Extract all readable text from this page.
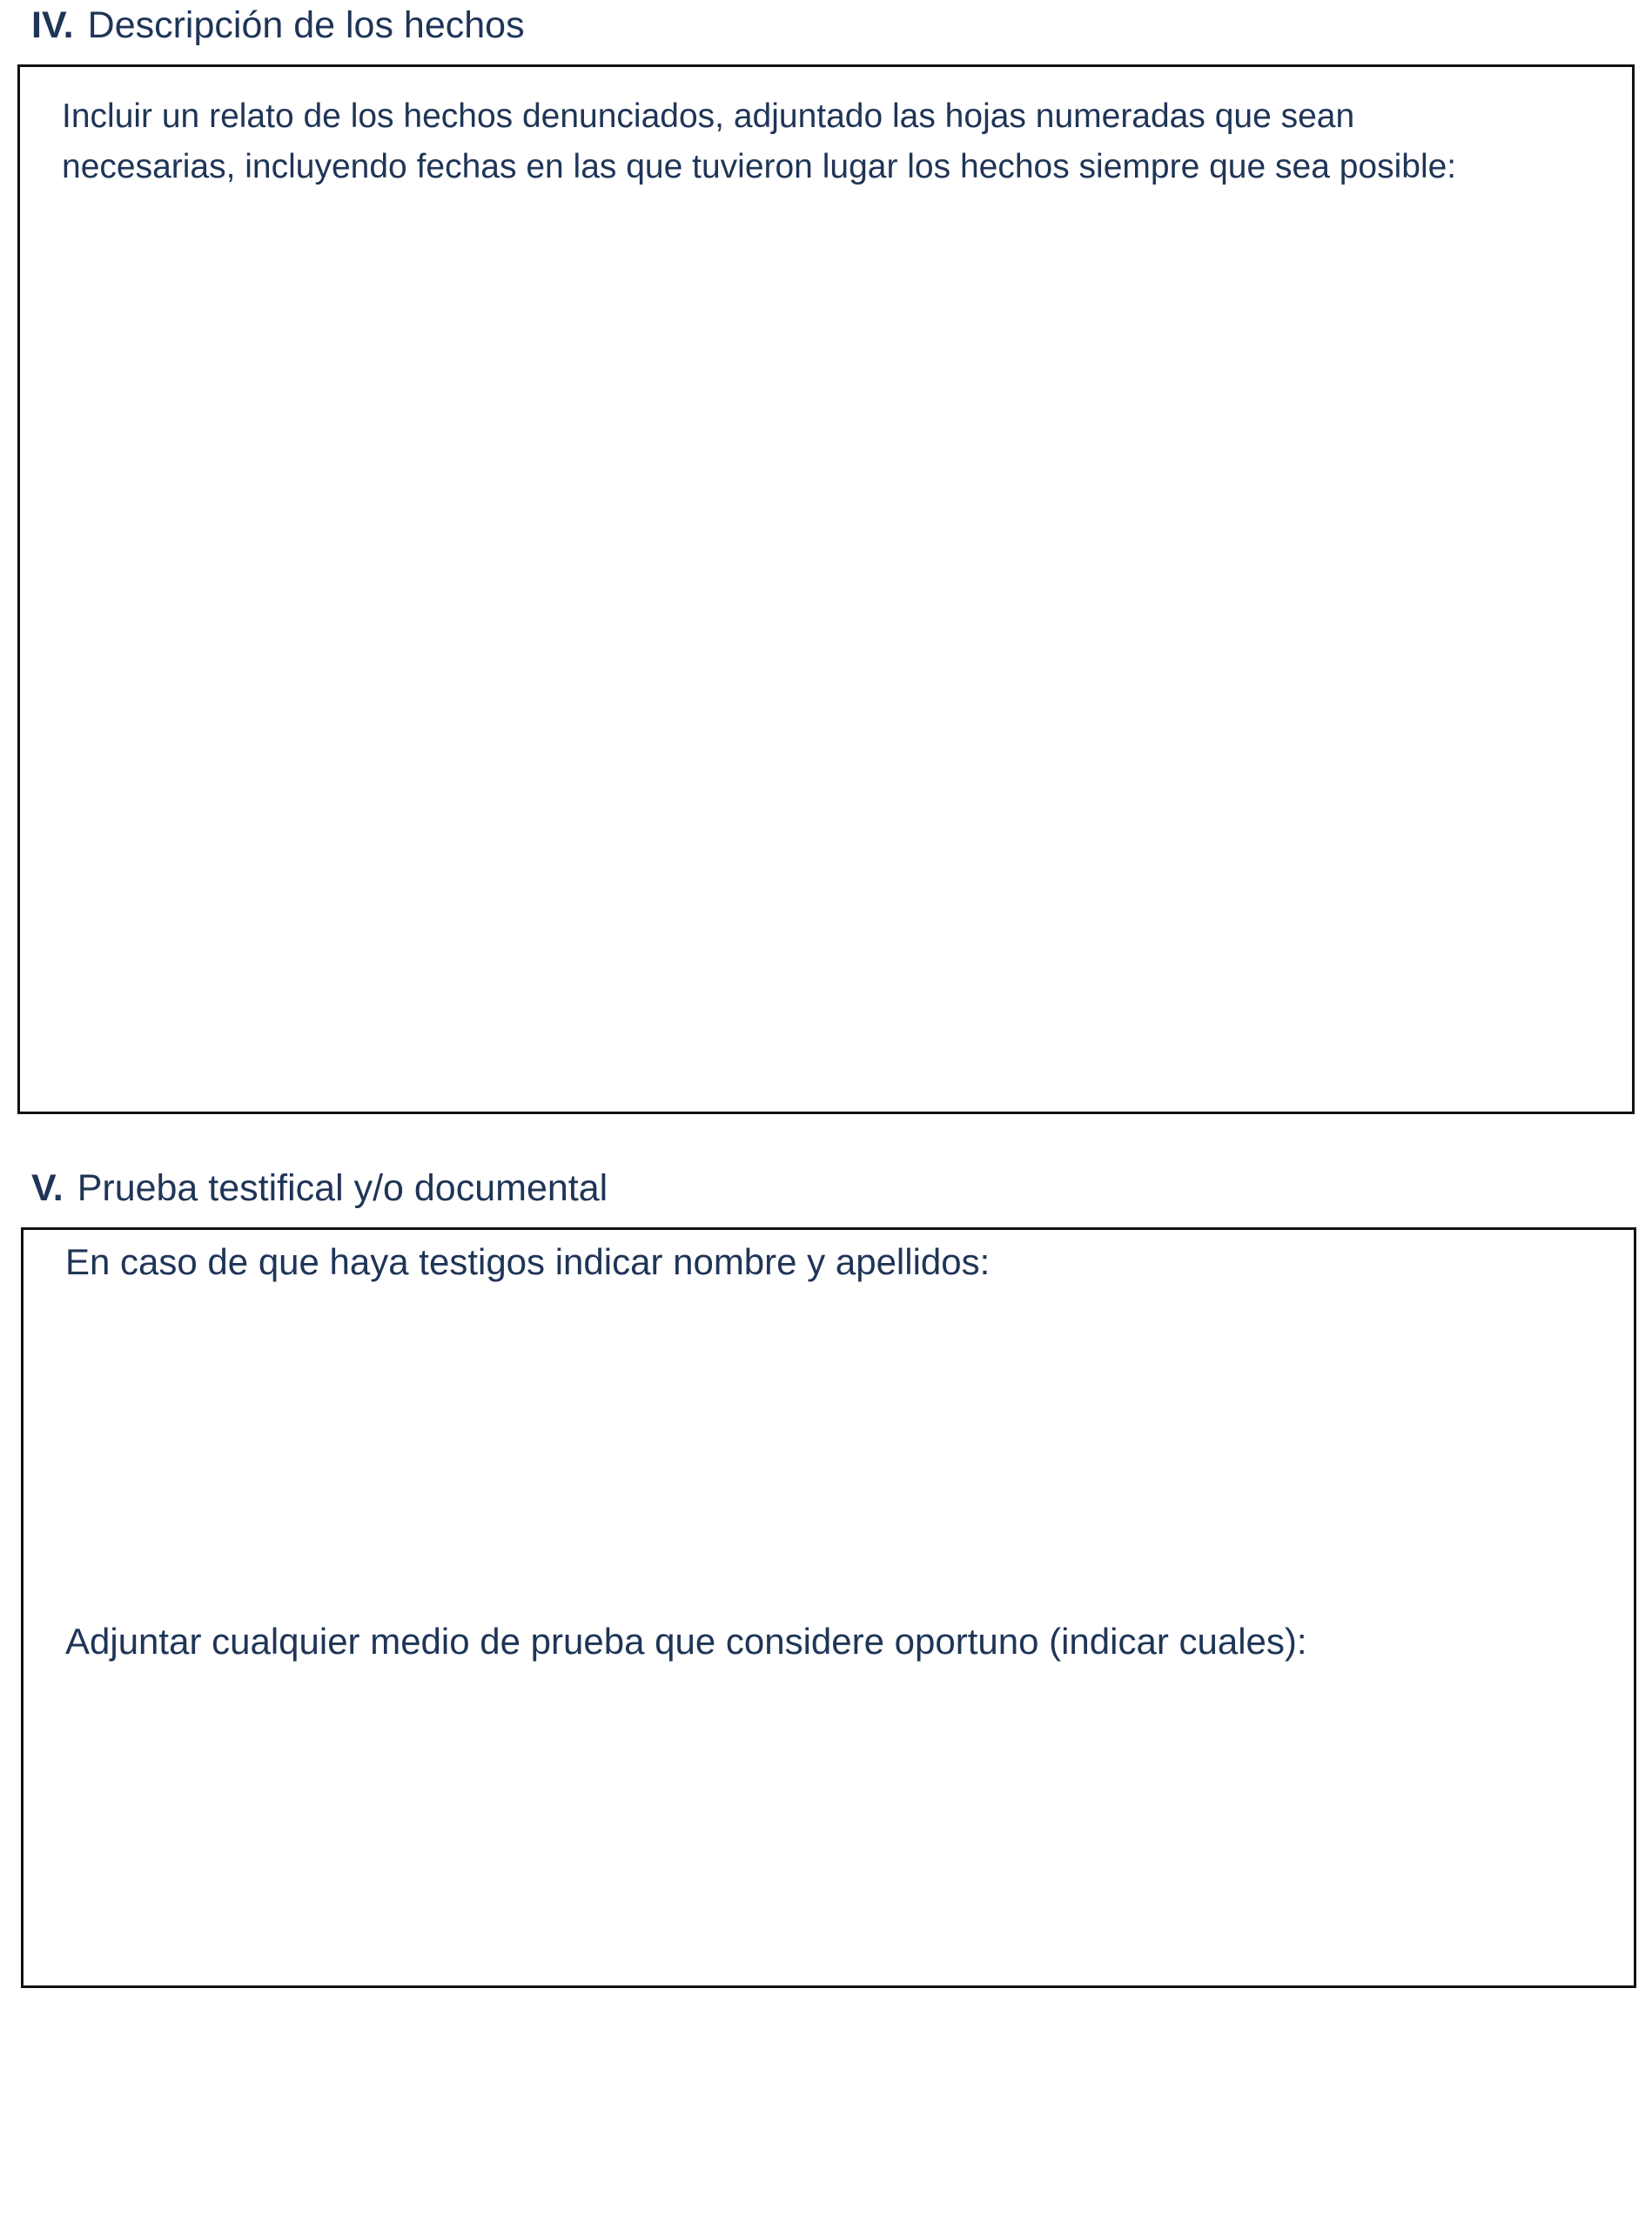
IV. Descripción de los hechos
Incluir un relato de los hechos denunciados, adjuntado las hojas numeradas que sean
necesarias, incluyendo fechas en las que tuvieron lugar los hechos siempre que sea posible:
V. Prueba testifical y/o documental
En caso de que haya testigos indicar nombre y apellidos:
Adjuntar cualquier medio de prueba que considere oportuno (indicar cuales):
